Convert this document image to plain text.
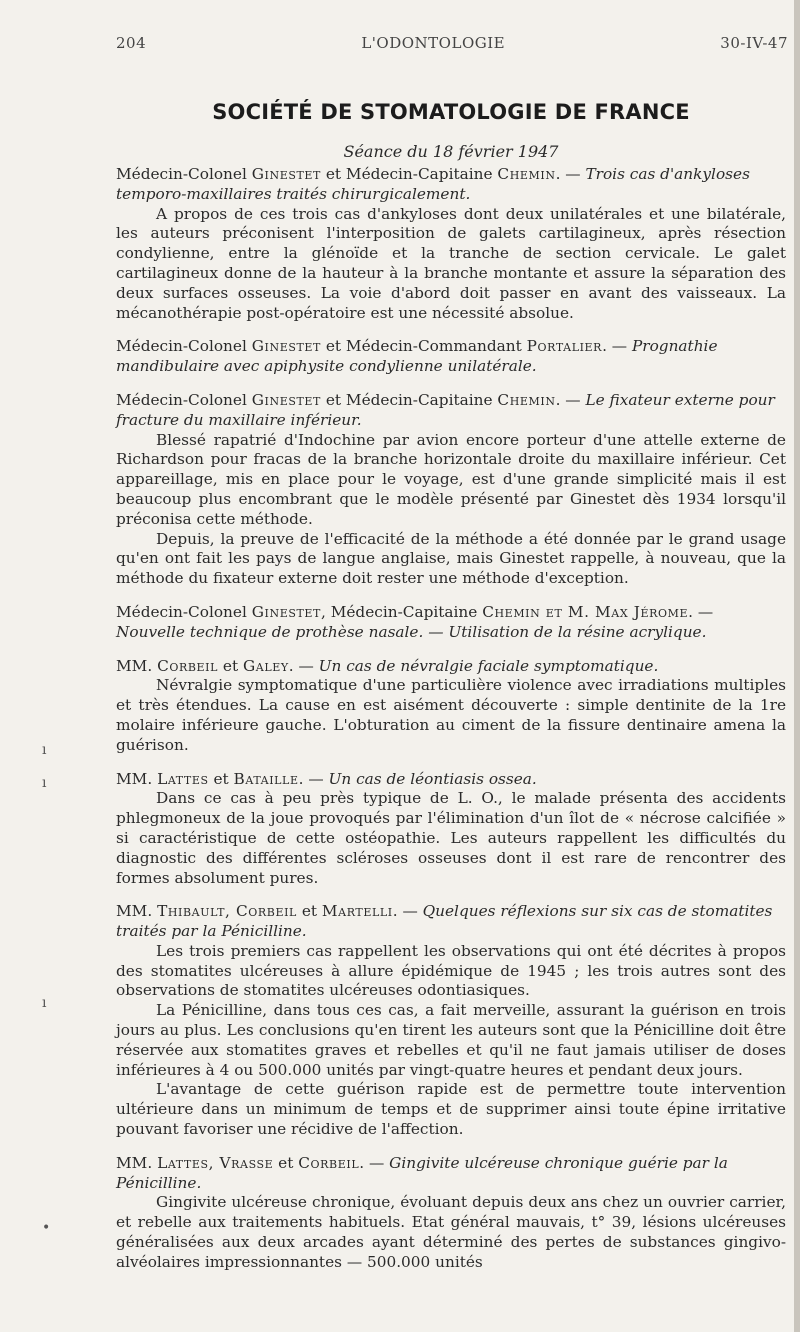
204	L'ODONTOLOGIE	30-IV-47
SOCIÉTÉ DE STOMATOLOGIE DE FRANCE
Séance du 18 février 1947

Médecin-Colonel Ginestet et Médecin-Capitaine Chemin. — Trois cas d'ankyloses temporo-maxillaires traités chirurgicalement.

A propos de ces trois cas d'ankyloses dont deux unilatérales et une bilatérale, les auteurs préconisent l'interposition de galets cartilagineux, après résection condylienne, entre la glénoïde et la tranche de section cervicale. Le galet cartilagineux donne de la hauteur à la branche montante et assure la séparation des deux surfaces osseuses. La voie d'abord doit passer en avant des vaisseaux. La mécanothérapie post-opératoire est une nécessité absolue.

Médecin-Colonel Ginestet et Médecin-Commandant Portalier. — Prognathie mandibulaire avec apiphysite condylienne unilatérale.

Médecin-Colonel Ginestet et Médecin-Capitaine Chemin. — Le fixateur externe pour fracture du maxillaire inférieur.

Blessé rapatrié d'Indochine par avion encore porteur d'une attelle externe de Richardson pour fracas de la branche horizontale droite du maxillaire inférieur. Cet appareillage, mis en place pour le voyage, est d'une grande simplicité mais il est beaucoup plus encombrant que le modèle présenté par Ginestet dès 1934 lorsqu'il préconisa cette méthode.

Depuis, la preuve de l'efficacité de la méthode a été donnée par le grand usage qu'en ont fait les pays de langue anglaise, mais Ginestet rappelle, à nouveau, que la méthode du fixateur externe doit rester une méthode d'exception.

Médecin-Colonel Ginestet, Médecin-Capitaine Chemin et M. Max Jérome. — Nouvelle technique de prothèse nasale. — Utilisation de la résine acrylique.

MM. Corbeil et Galey. — Un cas de névralgie faciale symptomatique.

Névralgie symptomatique d'une particulière violence avec irradiations multiples et très étendues. La cause en est aisément découverte : simple dentinite de la 1re molaire inférieure gauche. L'obturation au ciment de la fissure dentinaire amena la guérison.

MM. Lattes et Bataille. — Un cas de léontiasis ossea.

Dans ce cas à peu près typique de L. O., le malade présenta des accidents phlegmoneux de la joue provoqués par l'élimination d'un îlot de « nécrose calcifiée » si caractéristique de cette ostéopathie. Les auteurs rappellent les difficultés du diagnostic des différentes scléroses osseuses dont il est rare de rencontrer des formes absolument pures.

MM. Thibault, Corbeil et Martelli. — Quelques réflexions sur six cas de stomatites traités par la Pénicilline.

Les trois premiers cas rappellent les observations qui ont été décrites à propos des stomatites ulcéreuses à allure épidémique de 1945 ; les trois autres sont des observations de stomatites ulcéreuses odontiasiques.

La Pénicilline, dans tous ces cas, a fait merveille, assurant la guérison en trois jours au plus. Les conclusions qu'en tirent les auteurs sont que la Pénicilline doit être réservée aux stomatites graves et rebelles et qu'il ne faut jamais utiliser de doses inférieures à 4 ou 500.000 unités par vingt-quatre heures et pendant deux jours.

L'avantage de cette guérison rapide est de permettre toute intervention ultérieure dans un minimum de temps et de supprimer ainsi toute épine irritative pouvant favoriser une récidive de l'affection.

MM. Lattes, Vrasse et Corbeil. — Gingivite ulcéreuse chronique guérie par la Pénicilline.

Gingivite ulcéreuse chronique, évoluant depuis deux ans chez un ouvrier carrier, et rebelle aux traitements habituels. Etat général mauvais, t° 39, lésions ulcéreuses généralisées aux deux arcades ayant déterminé des pertes de substances gingivo-alvéolaires impressionnantes — 500.000 unités

ı
ı
ı
•
